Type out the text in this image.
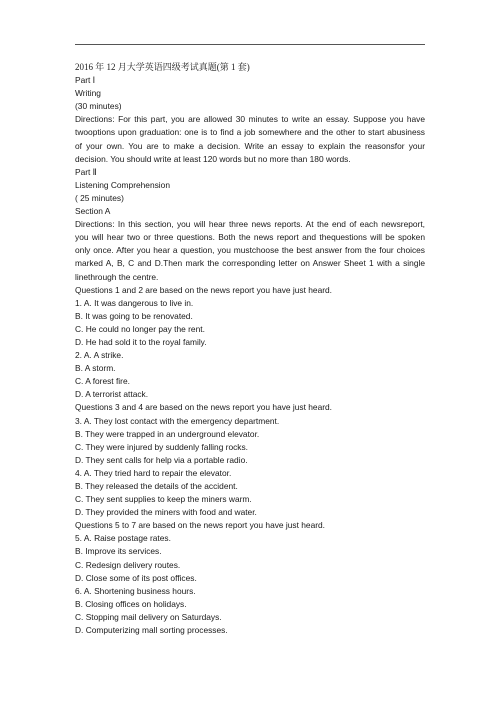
2016 年 12 月大学英语四级考试真题(第 1 套)
Part Ⅰ
Writing
(30 minutes)
Directions: For this part, you are allowed 30 minutes to write an essay. Suppose you have twooptions upon graduation: one is to find a job somewhere and the other to start abusiness of your own. You are to make a decision. Write an essay to explain the reasonsfor your decision. You should write at least 120 words but no more than 180 words.
Part Ⅱ
Listening Comprehension
( 25 minutes)
Section A
Directions: In this section, you will hear three news reports. At the end of each newsreport, you will hear two or three questions. Both the news report and thequestions will be spoken only once. After you hear a question, you mustchoose the best answer from the four choices marked A, B, C and D.Then mark the corresponding letter on Answer Sheet 1 with a single linethrough the centre.
Questions 1 and 2 are based on the news report you have just heard.
1. A. It was dangerous to live in.
B. It was going to be renovated.
C. He could no longer pay the rent.
D. He had sold it to the royal family.
2. A. A strike.
B. A storm.
C. A forest fire.
D. A terrorist attack.
Questions 3 and 4 are based on the news report you have just heard.
3. A. They lost contact with the emergency department.
B. They were trapped in an underground elevator.
C. They were injured by suddenly falling rocks.
D. They sent calls for help via a portable radio.
4. A. They tried hard to repair the elevator.
B. They released the details of the accident.
C. They sent supplies to keep the miners warm.
D. They provided the miners with food and water.
Questions 5 to 7 are based on the news report you have just heard.
5. A. Raise postage rates.
B. Improve its services.
C. Redesign delivery routes.
D. Close some of its post offices.
6. A. Shortening business hours.
B. Closing offices on holidays.
C. Stopping mail delivery on Saturdays.
D. Computerizing mall sorting processes.
